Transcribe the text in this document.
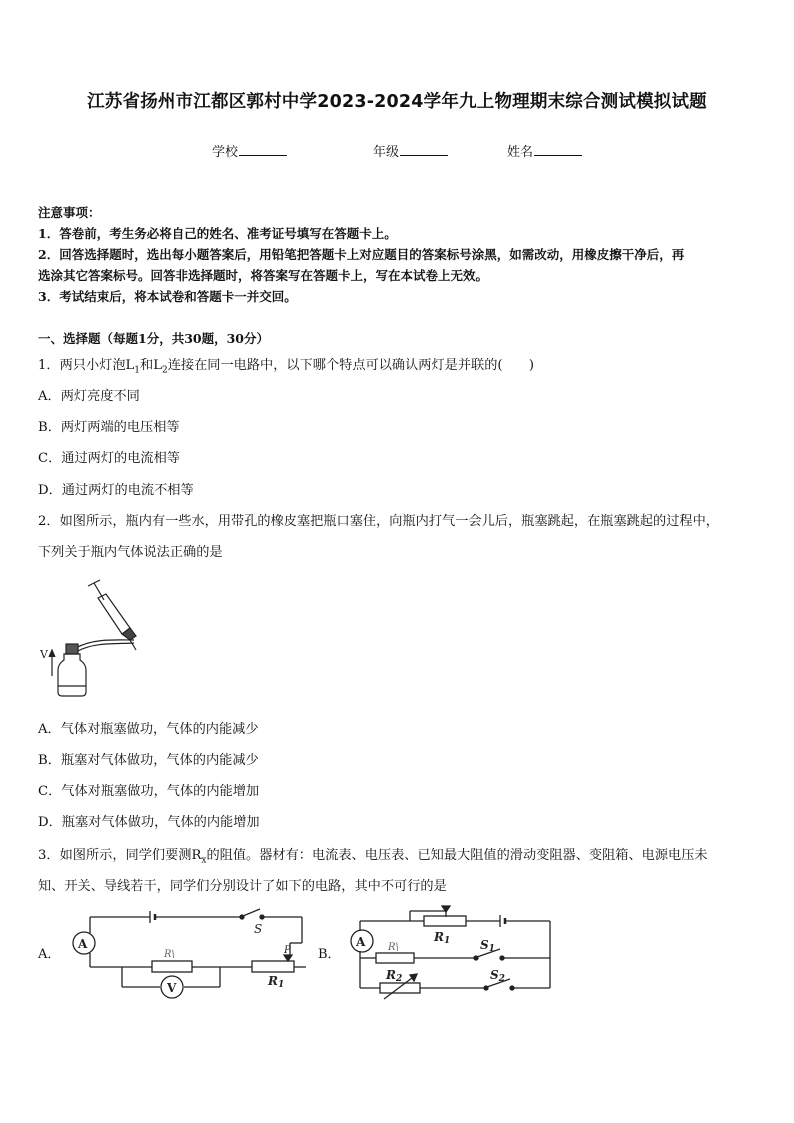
江苏省扬州市江都区郭村中学2023-2024学年九上物理期末综合测试模拟试题
学校	年级	姓名
注意事项：
1．答卷前，考生务必将自己的姓名、准考证号填写在答题卡上。
2．回答选择题时，选出每小题答案后，用铅笔把答题卡上对应题目的答案标号涂黑，如需改动，用橡皮擦干净后，再
选涂其它答案标号。回答非选择题时，将答案写在答题卡上，写在本试卷上无效。
3．考试结束后，将本试卷和答题卡一并交回。
一、选择题（每题1分，共30题，30分）
1．两只小灯泡$L_1$和$L_2$连接在同一电路中，以下哪个特点可以确认两灯是并联的(　　)
A．两灯亮度不同
B．两灯两端的电压相等
C．通过两灯的电流相等
D．通过两灯的电流不相等
2．如图所示，瓶内有一些水，用带孔的橡皮塞把瓶口塞住，向瓶内打气一会儿后，瓶塞跳起，在瓶塞跳起的过程中，
下列关于瓶内气体说法正确的是
V
A．气体对瓶塞做功，气体的内能减少
B．瓶塞对气体做功，气体的内能减少
C．气体对瓶塞做功，气体的内能增加
D．瓶塞对气体做功，气体的内能增加
3．如图所示，同学们要测$R_x$的阻值。器材有：电流表、电压表、已知最大阻值的滑动变阻器、变阻箱、电源电压未
知、开关、导线若干，同学们分别设计了如下的电路，其中不可行的是
A．
A
V
S
R\	P
R1
B．
A	R1
R\
R2
S1
S2
